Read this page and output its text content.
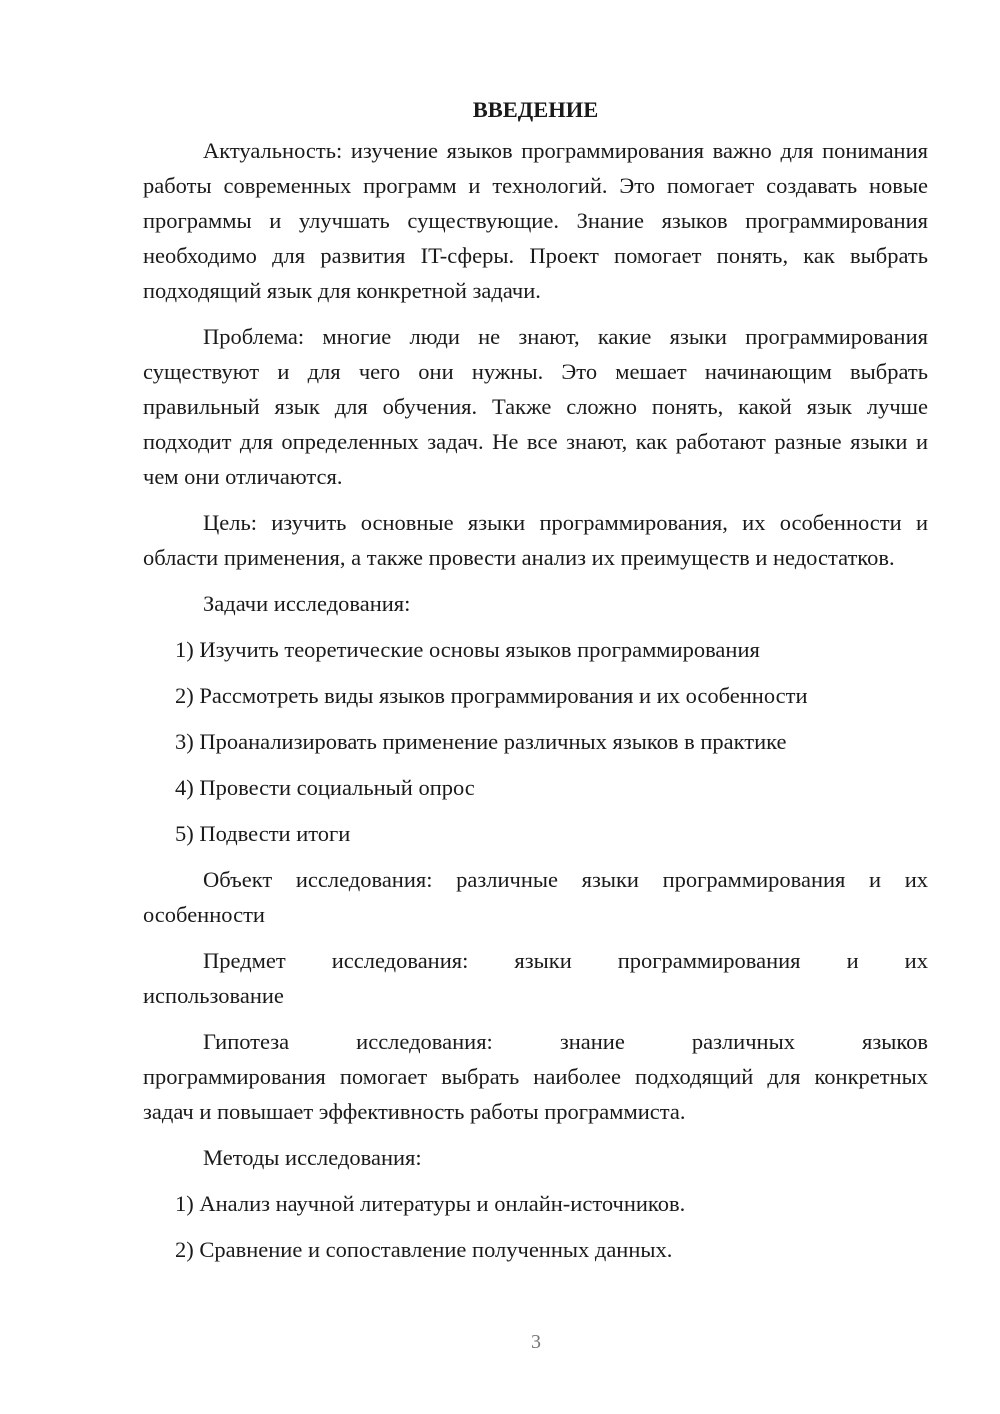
ВВЕДЕНИЕ

Актуальность: изучение языков программирования важно для понимания работы современных программ и технологий. Это помогает создавать новые программы и улучшать существующие. Знание языков программирования необходимо для развития IT-сферы. Проект помогает понять, как выбрать подходящий язык для конкретной задачи.

Проблема: многие люди не знают, какие языки программирования существуют и для чего они нужны. Это мешает начинающим выбрать правильный язык для обучения. Также сложно понять, какой язык лучше подходит для определенных задач. Не все знают, как работают разные языки и чем они отличаются.

Цель: изучить основные языки программирования, их особенности и области применения, а также провести анализ их преимуществ и недостатков.

Задачи исследования:

1) Изучить теоретические основы языков программирования
2) Рассмотреть виды языков программирования и их особенности
3) Проанализировать применение различных языков в практике
4) Провести социальный опрос
5) Подвести итоги

Объект исследования: различные языки программирования и их особенности

Предмет исследования: языки программирования и их
использование
Гипотеза	исследования:	знание	различных	языков
программирования помогает выбрать наиболее подходящий для конкретных задач и повышает эффективность работы программиста.

Методы исследования:

1) Анализ научной литературы и онлайн-источников.
2) Сравнение и сопоставление полученных данных.
3
